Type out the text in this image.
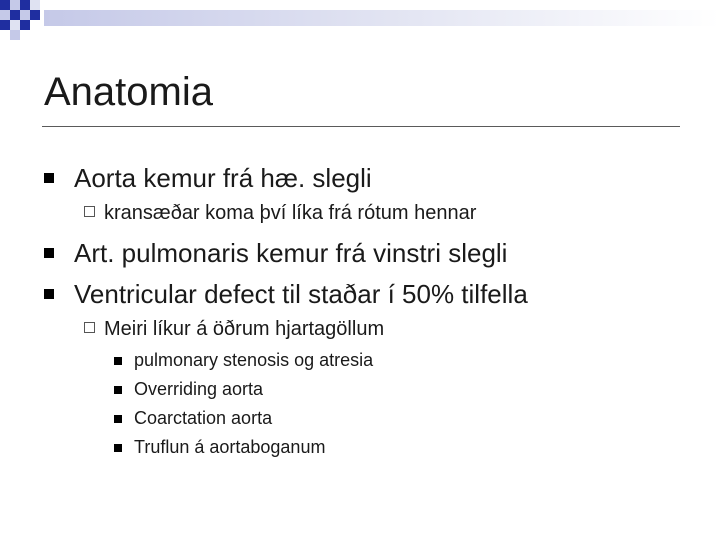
Anatomia
Aorta kemur frá hæ. slegli
kransæðar koma því líka frá rótum hennar
Art. pulmonaris kemur frá vinstri slegli
Ventricular defect til staðar í 50% tilfella
Meiri líkur á öðrum hjartagöllum
pulmonary stenosis og atresia
Overriding aorta
Coarctation aorta
Truflun á aortaboganum
